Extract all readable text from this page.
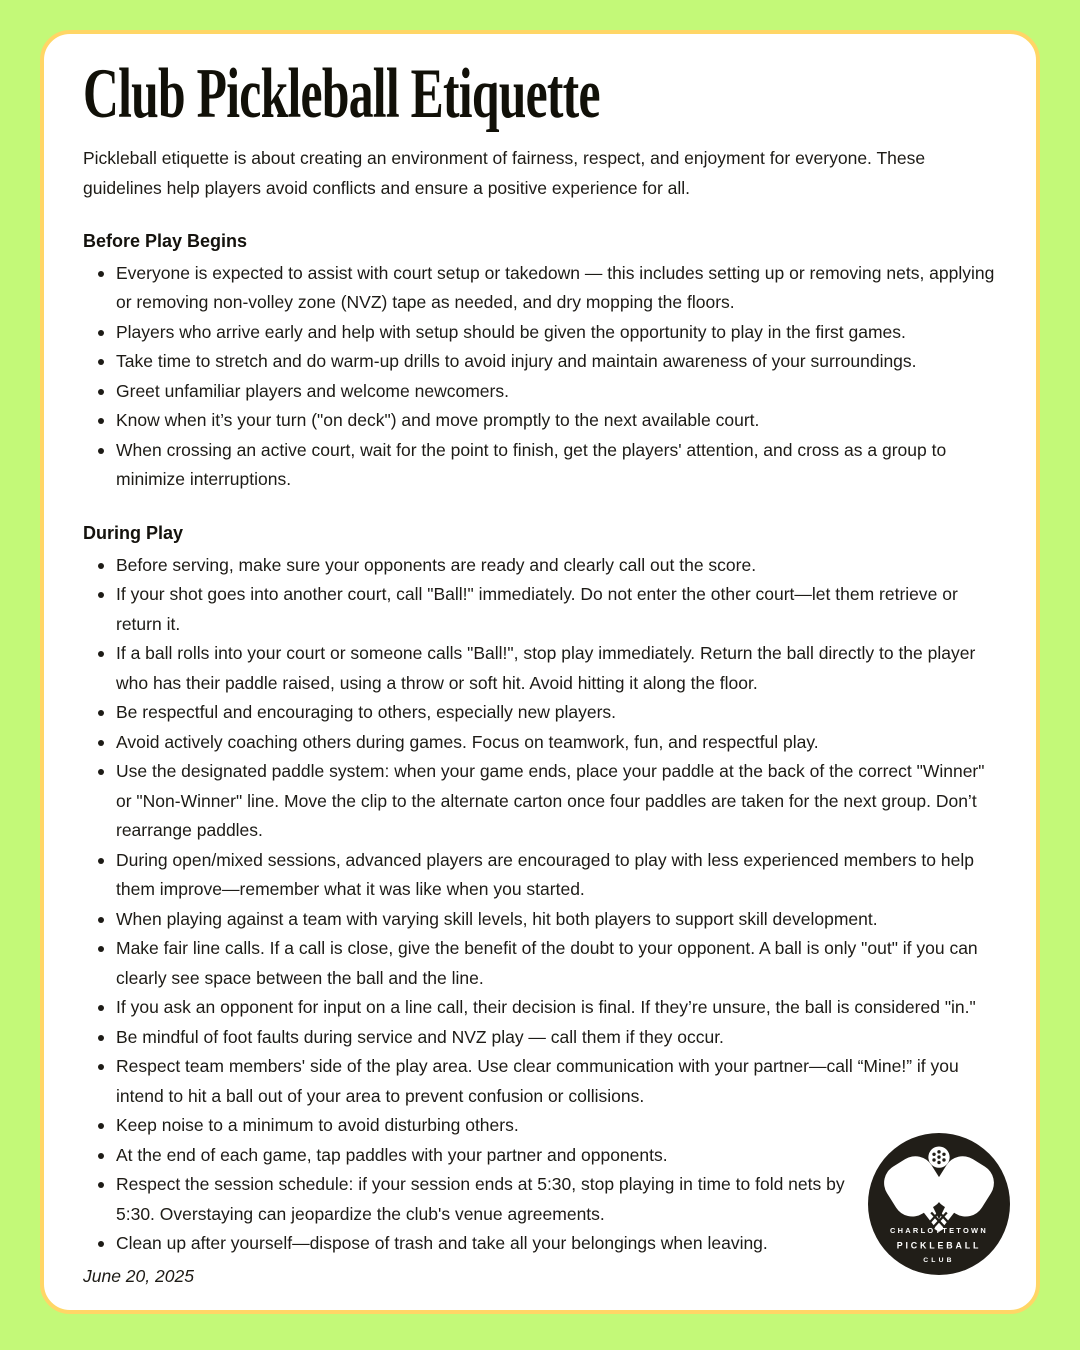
Club Pickleball Etiquette

Pickleball etiquette is about creating an environment of fairness, respect, and enjoyment for everyone. These guidelines help players avoid conflicts and ensure a positive experience for all.

Before Play Begins
Everyone is expected to assist with court setup or takedown — this includes setting up or removing nets, applying or removing non-volley zone (NVZ) tape as needed, and dry mopping the floors.
Players who arrive early and help with setup should be given the opportunity to play in the first games.
Take time to stretch and do warm-up drills to avoid injury and maintain awareness of your surroundings.
Greet unfamiliar players and welcome newcomers.
Know when it’s your turn ("on deck") and move promptly to the next available court.
When crossing an active court, wait for the point to finish, get the players' attention, and cross as a group to minimize interruptions.
During Play
Before serving, make sure your opponents are ready and clearly call out the score.
If your shot goes into another court, call "Ball!" immediately. Do not enter the other court—let them retrieve or return it.
If a ball rolls into your court or someone calls "Ball!", stop play immediately. Return the ball directly to the player who has their paddle raised, using a throw or soft hit. Avoid hitting it along the floor.
Be respectful and encouraging to others, especially new players.
Avoid actively coaching others during games. Focus on teamwork, fun, and respectful play.
Use the designated paddle system: when your game ends, place your paddle at the back of the correct "Winner" or "Non-Winner" line. Move the clip to the alternate carton once four paddles are taken for the next group. Don’t rearrange paddles.
During open/mixed sessions, advanced players are encouraged to play with less experienced members to help them improve—remember what it was like when you started.
When playing against a team with varying skill levels, hit both players to support skill development.
Make fair line calls. If a call is close, give the benefit of the doubt to your opponent. A ball is only "out" if you can clearly see space between the ball and the line.
If you ask an opponent for input on a line call, their decision is final. If they’re unsure, the ball is considered "in."
Be mindful of foot faults during service and NVZ play — call them if they occur.
Respect team members' side of the play area. Use clear communication with your partner—call “Mine!” if you intend to hit a ball out of your area to prevent confusion or collisions.
Keep noise to a minimum to avoid disturbing others.
CHARLOTTETOWN
PICKLEBALL
CLUB
At the end of each game, tap paddles with your partner and opponents.
Respect the session schedule: if your session ends at 5:30, stop playing in time to fold nets by 5:30. Overstaying can jeopardize the club's venue agreements.
Clean up after yourself—dispose of trash and take all your belongings when leaving.

June 20, 2025
